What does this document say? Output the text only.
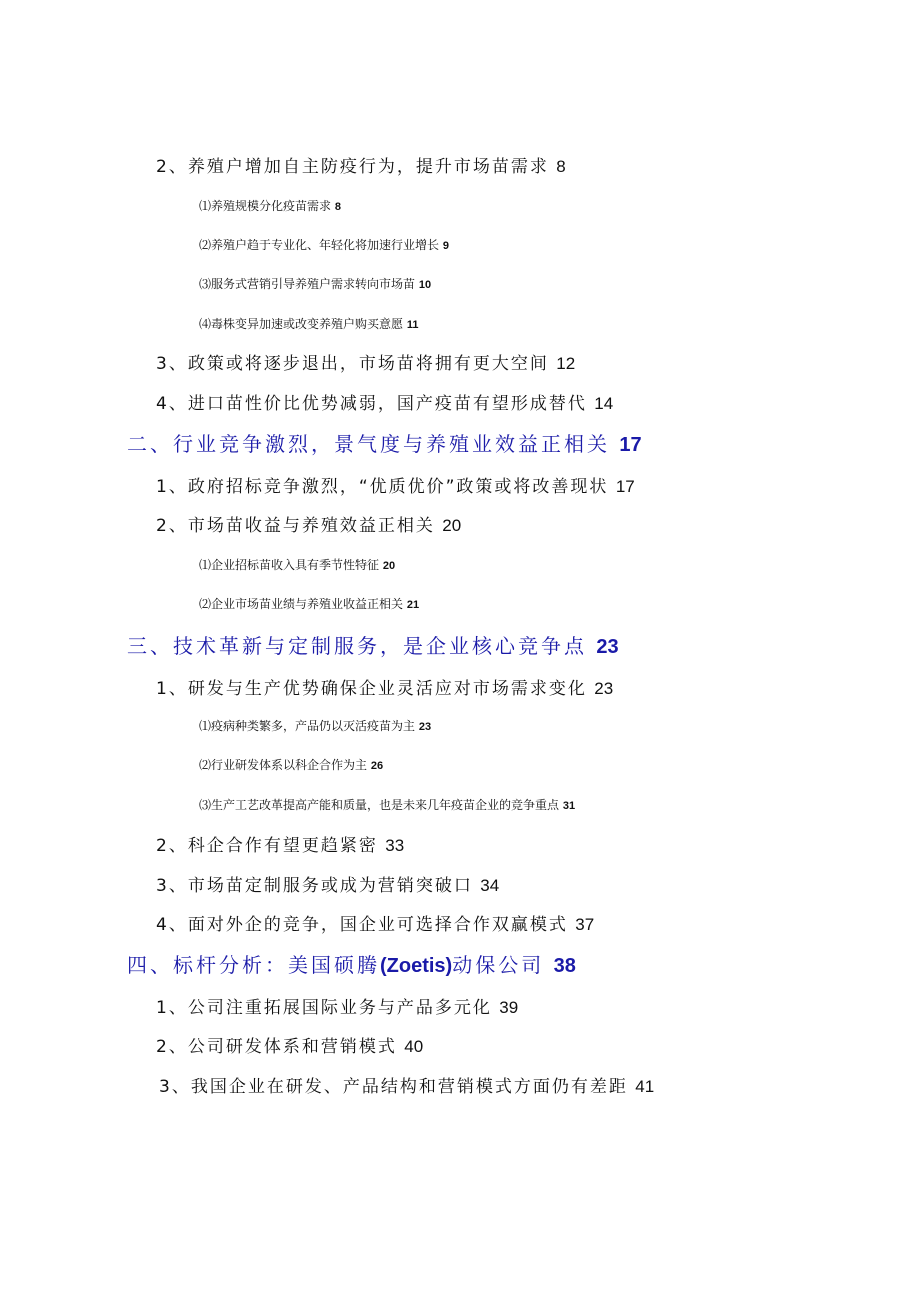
2、养殖户增加自主防疫行为，提升市场苗需求 8
⑴养殖规模分化疫苗需求 8
⑵养殖户趋于专业化、年轻化将加速行业增长 9
⑶服务式营销引导养殖户需求转向市场苗 10
⑷毒株变异加速或改变养殖户购买意愿 11
3、政策或将逐步退出，市场苗将拥有更大空间 12
4、进口苗性价比优势减弱，国产疫苗有望形成替代 14
二、行业竞争激烈，景气度与养殖业效益正相关 17
1、政府招标竞争激烈，“优质优价”政策或将改善现状 17
2、市场苗收益与养殖效益正相关 20
⑴企业招标苗收入具有季节性特征 20
⑵企业市场苗业绩与养殖业收益正相关 21
三、技术革新与定制服务，是企业核心竞争点 23
1、研发与生产优势确保企业灵活应对市场需求变化 23
⑴疫病种类繁多，产品仍以灭活疫苗为主 23
⑵行业研发体系以科企合作为主 26
⑶生产工艺改革提高产能和质量，也是未来几年疫苗企业的竞争重点 31
2、科企合作有望更趋紧密 33
3、市场苗定制服务或成为营销突破口 34
4、面对外企的竞争，国企业可选择合作双赢模式 37
四、标杆分析：美国硕腾(Zoetis)动保公司 38
1、公司注重拓展国际业务与产品多元化 39
2、公司研发体系和营销模式 40
3、我国企业在研发、产品结构和营销模式方面仍有差距 41
